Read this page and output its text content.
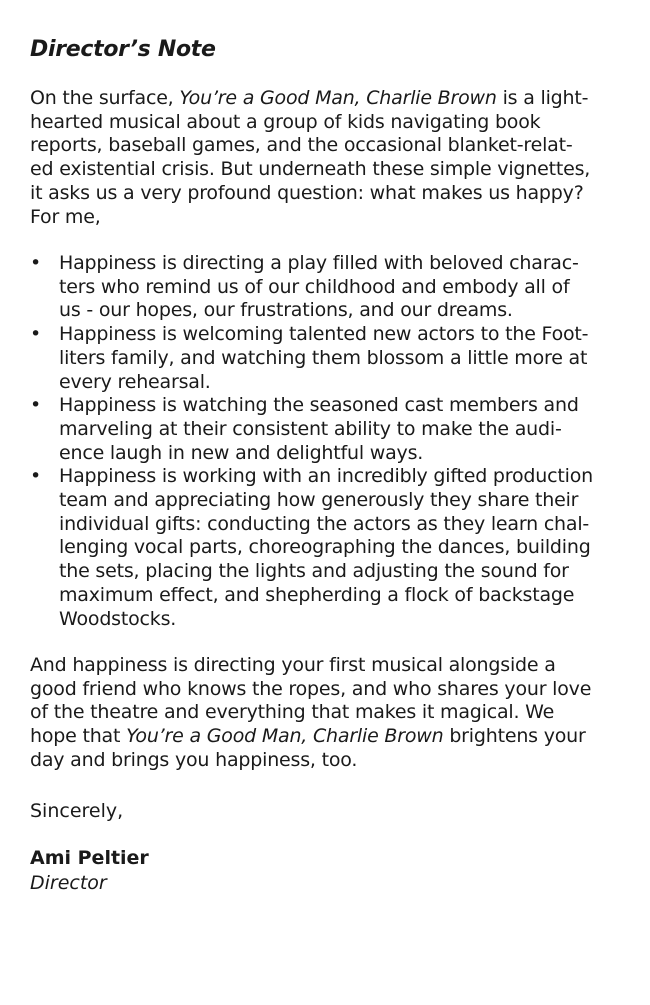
Director’s Note

On the surface, You’re a Good Man, Charlie Brown is a light-
hearted musical about a group of kids navigating book
reports, baseball games, and the occasional blanket-relat-
ed existential crisis. But underneath these simple vignettes,
it asks us a very profound question: what makes us happy?
For me,

• Happiness is directing a play filled with beloved charac-
ters who remind us of our childhood and embody all of
us - our hopes, our frustrations, and our dreams.
• Happiness is welcoming talented new actors to the Foot-
liters family, and watching them blossom a little more at
every rehearsal.
• Happiness is watching the seasoned cast members and
marveling at their consistent ability to make the audi-
ence laugh in new and delightful ways.
• Happiness is working with an incredibly gifted production
team and appreciating how generously they share their
individual gifts: conducting the actors as they learn chal-
lenging vocal parts, choreographing the dances, building
the sets, placing the lights and adjusting the sound for
maximum effect, and shepherding a flock of backstage
Woodstocks.

And happiness is directing your first musical alongside a
good friend who knows the ropes, and who shares your love
of the theatre and everything that makes it magical. We
hope that You’re a Good Man, Charlie Brown brightens your
day and brings you happiness, too.

Sincerely,
Ami Peltier
Director
